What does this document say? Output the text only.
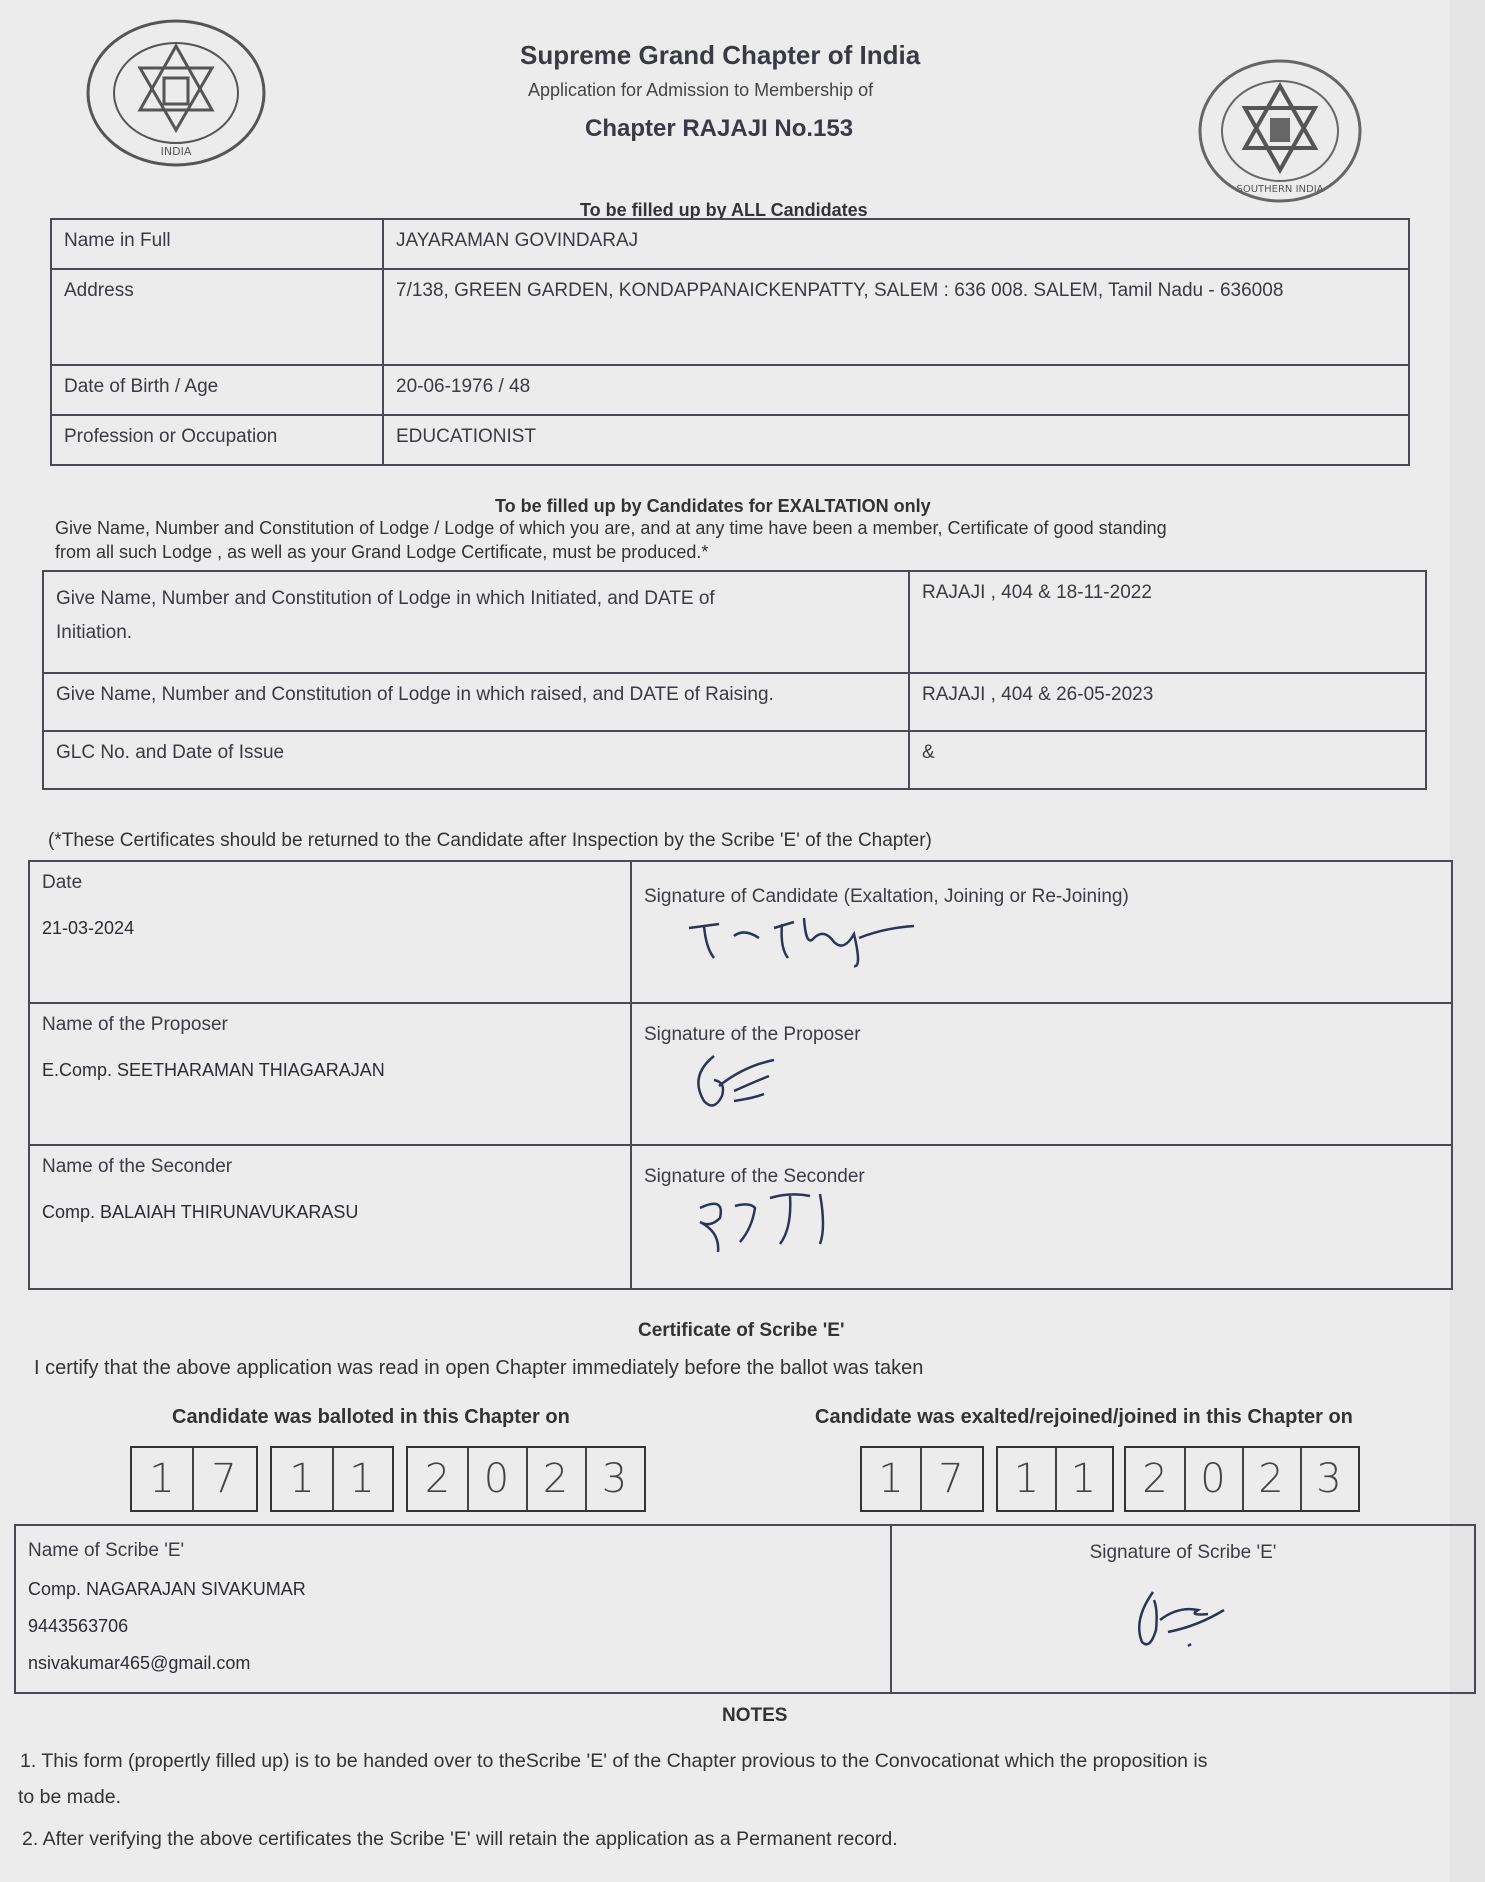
INDIA
SOUTHERN INDIA
Supreme Grand Chapter of India
Application for Admission to Membership of
Chapter RAJAJI No.153
To be filled up by ALL Candidates
Name in Full	JAYARAMAN GOVINDARAJ
Address	7/138, GREEN GARDEN, KONDAPPANAICKENPATTY, SALEM : 636 008. SALEM, Tamil Nadu - 636008
Date of Birth / Age	20-06-1976 / 48
Profession or Occupation	EDUCATIONIST
To be filled up by Candidates for EXALTATION only
Give Name, Number and Constitution of Lodge / Lodge of which you are, and at any time have been a member, Certificate of good standing
from all such Lodge , as well as your Grand Lodge Certificate, must be produced.*
Give Name, Number and Constitution of Lodge in which Initiated, and DATE of
Initiation.	RAJAJI , 404 & 18-11-2022
Give Name, Number and Constitution of Lodge in which raised, and DATE of Raising.	RAJAJI , 404 & 26-05-2023
GLC No. and Date of Issue	&
(*These Certificates should be returned to the Candidate after Inspection by the Scribe 'E' of the Chapter)
Date
21-03-2024	Signature of Candidate (Exaltation, Joining or Re-Joining)

Name of the Proposer
E.Comp. SEETHARAMAN THIAGARAJAN	Signature of the Proposer

Name of the Seconder
Comp. BALAIAH THIRUNAVUKARASU	Signature of the Seconder
Certificate of Scribe 'E'
I certify that the above application was read in open Chapter immediately before the ballot was taken
Candidate was balloted in this Chapter on	Candidate was exalted/rejoined/joined in this Chapter on
1 7	1 1	2 0 2 3	1 7	1 1	2 0 2 3
Name of Scribe 'E'
Comp. NAGARAJAN SIVAKUMAR
9443563706
nsivakumar465@gmail.com

Signature of Scribe 'E'
NOTES
1. This form (propertly filled up) is to be handed over to theScribe 'E' of the Chapter provious to the Convocationat which the proposition is
to be made.
2. After verifying the above certificates the Scribe 'E' will retain the application as a Permanent record.
